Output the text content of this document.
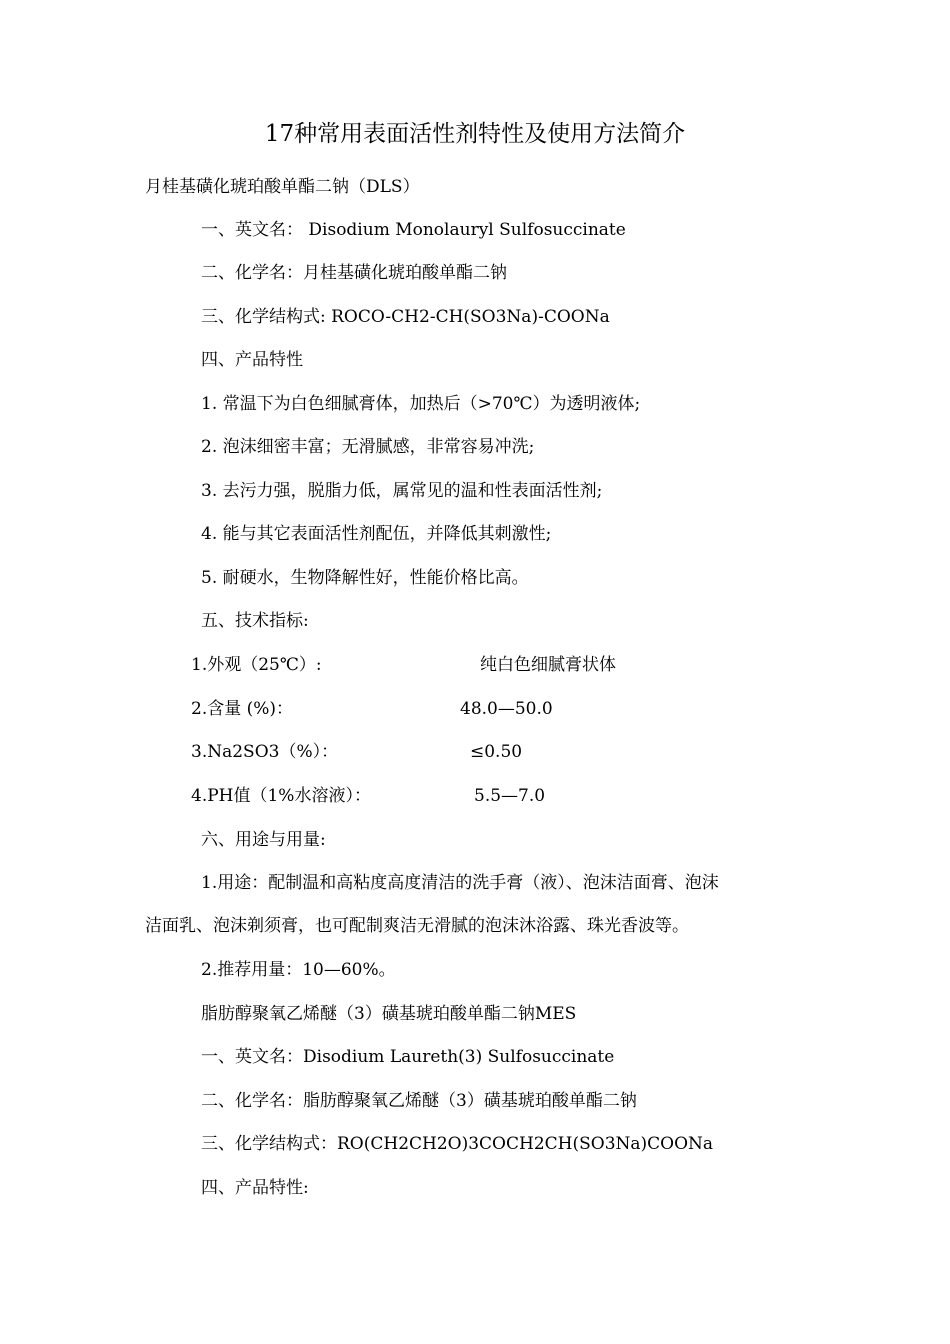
17种常用表面活性剂特性及使用方法简介
月桂基磺化琥珀酸单酯二钠（DLS）
一、英文名： Disodium Monolauryl Sulfosuccinate
二、化学名：月桂基磺化琥珀酸单酯二钠
三、化学结构式: ROCO-CH2-CH(SO3Na)-COONa
四、产品特性
1. 常温下为白色细腻膏体，加热后（>70℃）为透明液体;
2. 泡沫细密丰富；无滑腻感，非常容易冲洗;
3. 去污力强，脱脂力低，属常见的温和性表面活性剂;
4. 能与其它表面活性剂配伍，并降低其刺激性;
5. 耐硬水，生物降解性好，性能价格比高。
五、技术指标:
1.外观（25℃）:	纯白色细腻膏状体
2.含量 (%)：	48.0—50.0
3.Na2SO3（%）：	≤0.50
4.PH值（1%水溶液）：	5.5—7.0
六、用途与用量:
1.用途：配制温和高粘度高度清洁的洗手膏（液）、泡沫洁面膏、泡沫
洁面乳、泡沫剃须膏，也可配制爽洁无滑腻的泡沫沐浴露、珠光香波等。
2.推荐用量：10—60%。
脂肪醇聚氧乙烯醚（3）磺基琥珀酸单酯二钠MES
一、英文名：Disodium Laureth(3) Sulfosuccinate
二、化学名：脂肪醇聚氧乙烯醚（3）磺基琥珀酸单酯二钠
三、化学结构式：RO(CH2CH2O)3COCH2CH(SO3Na)COONa
四、产品特性:
